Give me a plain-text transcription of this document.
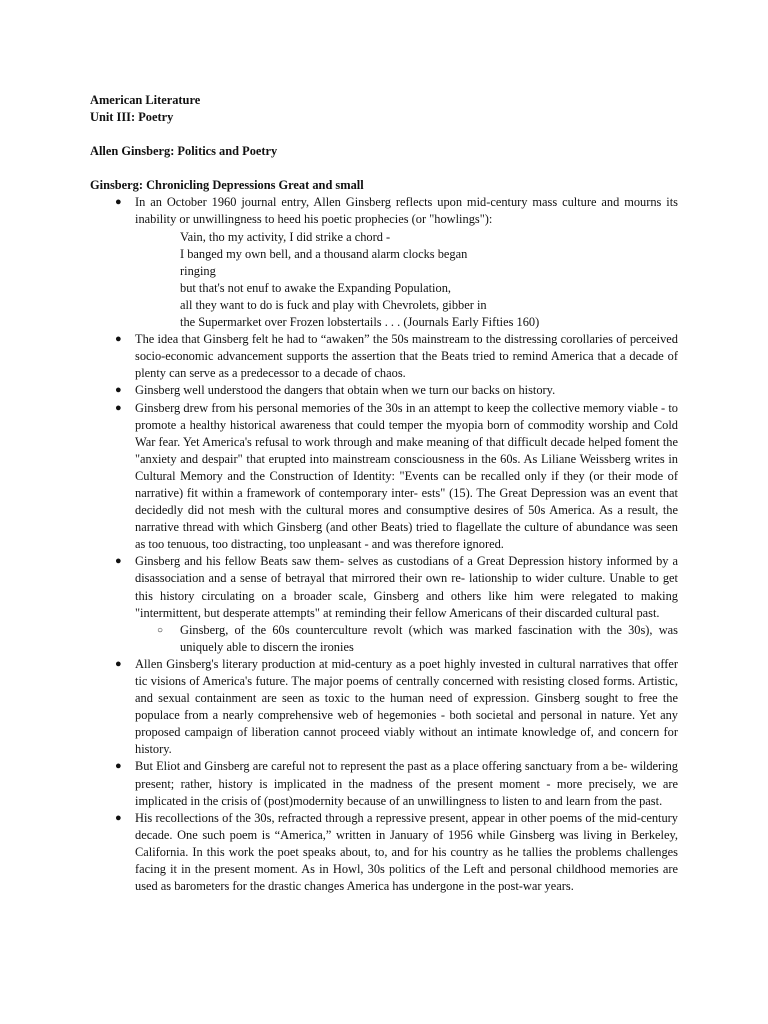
American Literature

Unit III: Poetry

Allen Ginsberg: Politics and Poetry

Ginsberg: Chronicling Depressions Great and small

● In an October 1960 journal entry, Allen Ginsberg reflects upon mid-century mass culture and mourns its inability or unwillingness to heed his poetic prophecies (or "howlings"):
Vain, tho my activity, I did strike a chord -
I banged my own bell, and a thousand alarm clocks began
ringing
but that's not enuf to awake the Expanding Population,
all they want to do is fuck and play with Chevrolets, gibber in
the Supermarket over Frozen lobstertails . . . (Journals Early Fifties 160)
● The idea that Ginsberg felt he had to “awaken” the 50s mainstream to the distressing corollaries of perceived socio-economic advancement supports the assertion that the Beats tried to remind America that a decade of plenty can serve as a predecessor to a decade of chaos.
● Ginsberg well understood the dangers that obtain when we turn our backs on history.
● Ginsberg drew from his personal memories of the 30s in an attempt to keep the collective memory viable - to promote a healthy historical awareness that could temper the myopia born of commodity worship and Cold War fear. Yet America's refusal to work through and make meaning of that difficult decade helped foment the "anxiety and despair" that erupted into mainstream consciousness in the 60s. As Liliane Weissberg writes in Cultural Memory and the Construction of Identity: "Events can be recalled only if they (or their mode of narrative) fit within a framework of contemporary inter- ests" (15). The Great Depression was an event that decidedly did not mesh with the cultural mores and consumptive desires of 50s America. As a result, the narrative thread with which Ginsberg (and other Beats) tried to flagellate the culture of abundance was seen as too tenuous, too distracting, too unpleasant - and was therefore ignored.
● Ginsberg and his fellow Beats saw them- selves as custodians of a Great Depression history informed by a disassociation and a sense of betrayal that mirrored their own re- lationship to wider culture. Unable to get this history circulating on a broader scale, Ginsberg and others like him were relegated to making "intermittent, but desperate attempts" at reminding their fellow Americans of their discarded cultural past.
○ Ginsberg, of the 60s counterculture revolt (which was marked fascination with the 30s), was uniquely able to discern the ironies
● Allen Ginsberg's literary production at mid-century as a poet highly invested in cultural narratives that offer tic visions of America's future. The major poems of centrally concerned with resisting closed forms. Artistic, and sexual containment are seen as toxic to the human need of expression. Ginsberg sought to free the populace from a nearly comprehensive web of hegemonies - both societal and personal in nature. Yet any proposed campaign of liberation cannot proceed viably without an intimate knowledge of, and concern for history.
● But Eliot and Ginsberg are careful not to represent the past as a place offering sanctuary from a be- wildering present; rather, history is implicated in the madness of the present moment - more precisely, we are implicated in the crisis of (post)modernity because of an unwillingness to listen to and learn from the past.
● His recollections of the 30s, refracted through a repressive present, appear in other poems of the mid-century decade. One such poem is “America,” written in January of 1956 while Ginsberg was living in Berkeley, California. In this work the poet speaks about, to, and for his country as he tallies the problems challenges facing it in the present moment. As in Howl, 30s politics of the Left and personal childhood memories are used as barometers for the drastic changes America has undergone in the post-war years.
